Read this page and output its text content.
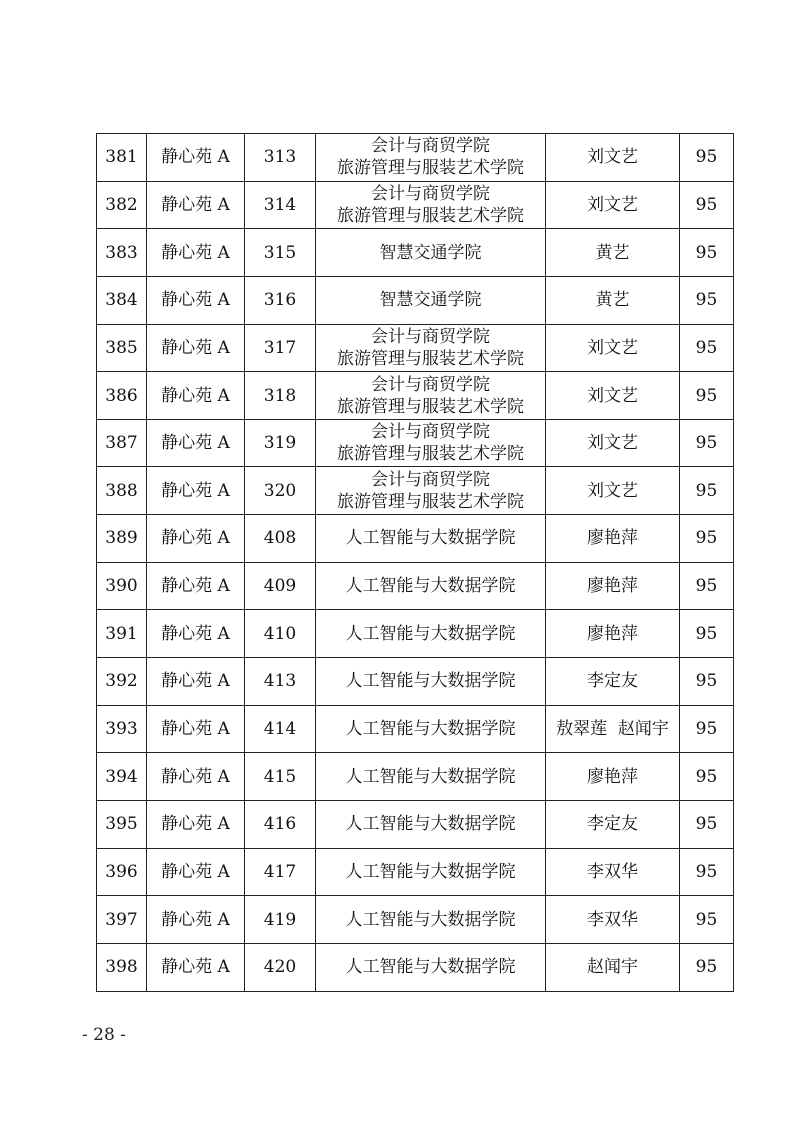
381	静心苑 A	313	会计与商贸学院
旅游管理与服装艺术学院	刘文艺	95
382	静心苑 A	314	会计与商贸学院
旅游管理与服装艺术学院	刘文艺	95
383	静心苑 A	315	智慧交通学院	黄艺	95
384	静心苑 A	316	智慧交通学院	黄艺	95
385	静心苑 A	317	会计与商贸学院
旅游管理与服装艺术学院	刘文艺	95
386	静心苑 A	318	会计与商贸学院
旅游管理与服装艺术学院	刘文艺	95
387	静心苑 A	319	会计与商贸学院
旅游管理与服装艺术学院	刘文艺	95
388	静心苑 A	320	会计与商贸学院
旅游管理与服装艺术学院	刘文艺	95
389	静心苑 A	408	人工智能与大数据学院	廖艳萍	95
390	静心苑 A	409	人工智能与大数据学院	廖艳萍	95
391	静心苑 A	410	人工智能与大数据学院	廖艳萍	95
392	静心苑 A	413	人工智能与大数据学院	李定友	95
393	静心苑 A	414	人工智能与大数据学院	敖翠莲  赵闻宇	95
394	静心苑 A	415	人工智能与大数据学院	廖艳萍	95
395	静心苑 A	416	人工智能与大数据学院	李定友	95
396	静心苑 A	417	人工智能与大数据学院	李双华	95
397	静心苑 A	419	人工智能与大数据学院	李双华	95
398	静心苑 A	420	人工智能与大数据学院	赵闻宇	95
- 28 -
